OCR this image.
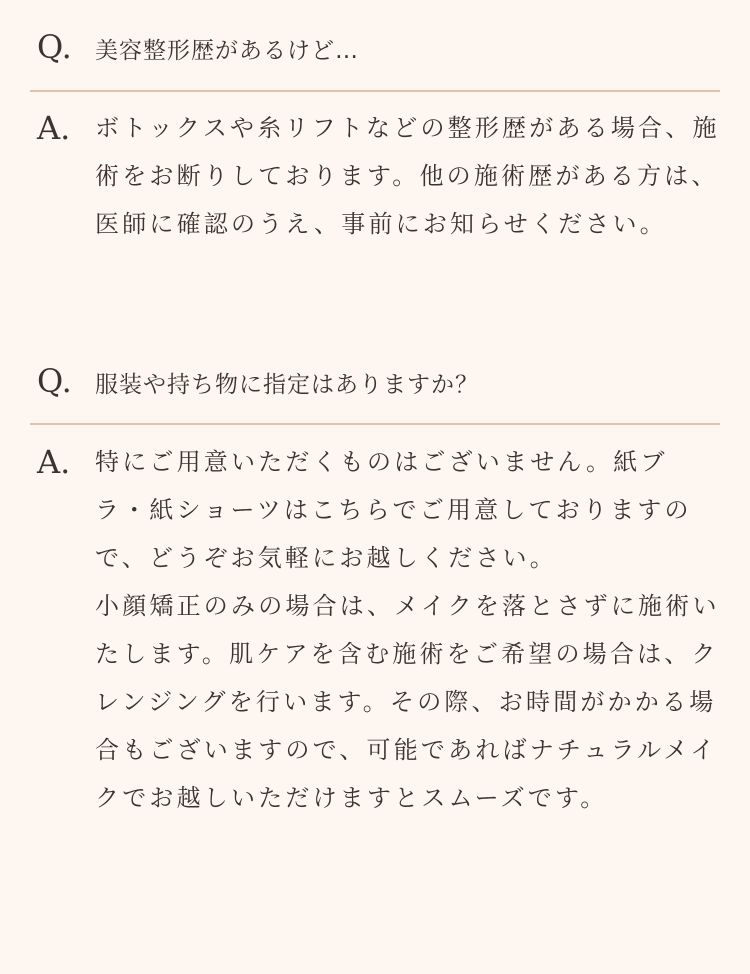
Q.	美容整形歴があるけど…
A.	ボトックスや糸リフトなどの整形歴がある場合、施術をお断りしております。他の施術歴がある方は、医師に確認のうえ、事前にお知らせください。

Q.	服装や持ち物に指定はありますか？
A.	特にご用意いただくものはございません。紙ブラ・紙ショーツはこちらでご用意しておりますので、どうぞお気軽にお越しください。

小顔矯正のみの場合は、メイクを落とさずに施術いたします。肌ケアを含む施術をご希望の場合は、クレンジングを行います。その際、お時間がかかる場合もございますので、可能であればナチュラルメイクでお越しいただけますとスムーズです。
